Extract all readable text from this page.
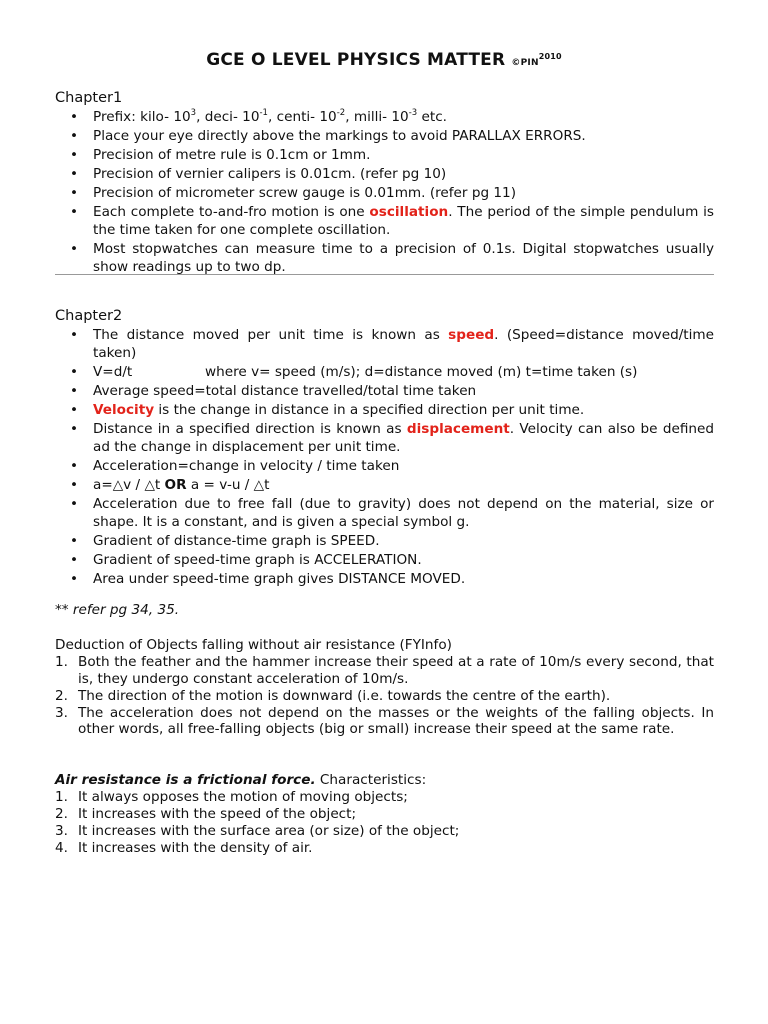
GCE O LEVEL PHYSICS MATTER $©PIN^{2010}$
Chapter1
• Prefix: kilo- $10^3$, deci- $10^{-1}$, centi- $10^{-2}$, milli- $10^{-3}$ etc.
• Place your eye directly above the markings to avoid PARALLAX ERRORS.
• Precision of metre rule is 0.1cm or 1mm.
• Precision of vernier calipers is 0.01cm. (refer pg 10)
• Precision of micrometer screw gauge is 0.01mm. (refer pg 11)
• Each complete to-and-fro motion is one oscillation. The period of the simple pendulum is the time taken for one complete oscillation.
• Most stopwatches can measure time to a precision of 0.1s. Digital stopwatches usually show readings up to two dp.
Chapter2
• The distance moved per unit time is known as speed. (Speed=distance moved/time taken)
• V=d/t	where v= speed (m/s); d=distance moved (m) t=time taken (s)
• Average speed=total distance travelled/total time taken
• Velocity is the change in distance in a specified direction per unit time.
• Distance in a specified direction is known as displacement. Velocity can also be defined ad the change in displacement per unit time.
• Acceleration=change in velocity / time taken
• a=△v / △t OR a = v-u / △t
• Acceleration due to free fall (due to gravity) does not depend on the material, size or shape. It is a constant, and is given a special symbol g.
• Gradient of distance-time graph is SPEED.
• Gradient of speed-time graph is ACCELERATION.
• Area under speed-time graph gives DISTANCE MOVED.

** refer pg 34, 35.

Deduction of Objects falling without air resistance (FYInfo)

1. Both the feather and the hammer increase their speed at a rate of 10m/s every second, that is, they undergo constant acceleration of 10m/s.
2. The direction of the motion is downward (i.e. towards the centre of the earth).
3. The acceleration does not depend on the masses or the weights of the falling objects. In other words, all free-falling objects (big or small) increase their speed at the same rate.

Air resistance is a frictional force. Characteristics:

1. It always opposes the motion of moving objects;
2. It increases with the speed of the object;
3. It increases with the surface area (or size) of the object;
4. It increases with the density of air.
